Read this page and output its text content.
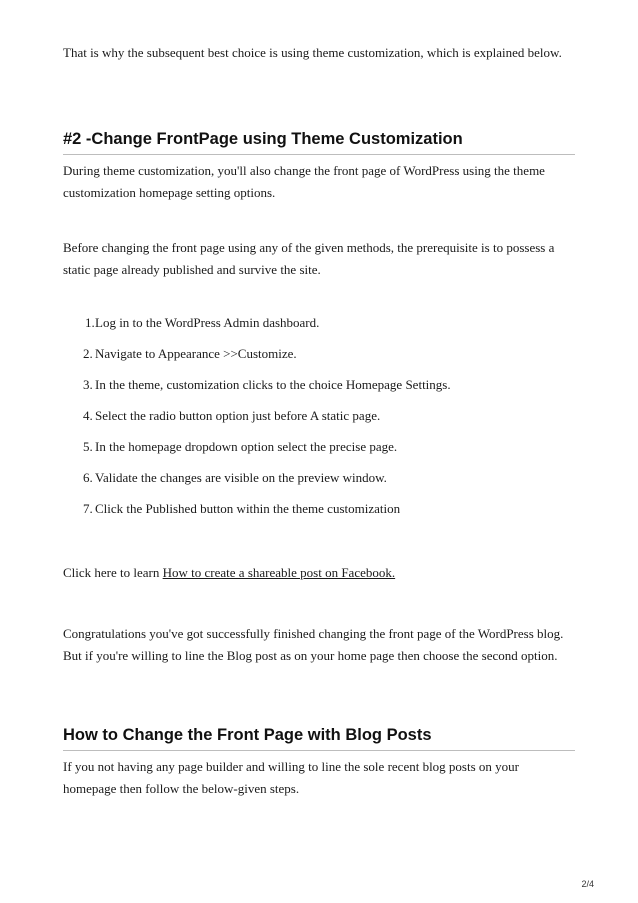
That is why the subsequent best choice is using theme customization, which is explained below.

#2 -Change FrontPage using Theme Customization

During theme customization, you'll also change the front page of WordPress using the theme customization homepage setting options.

Before changing the front page using any of the given methods, the prerequisite is to possess a static page already published and survive the site.

1. Log in to the WordPress Admin dashboard.
2. Navigate to Appearance >>Customize.
3. In the theme, customization clicks to the choice Homepage Settings.
4. Select the radio button option just before A static page.
5. In the homepage dropdown option select the precise page.
6. Validate the changes are visible on the preview window.
7. Click the Published button within the theme customization

Click here to learn How to create a shareable post on Facebook.

Congratulations you've got successfully finished changing the front page of the WordPress blog. But if you're willing to line the Blog post as on your home page then choose the second option.

How to Change the Front Page with Blog Posts

If you not having any page builder and willing to line the sole recent blog posts on your homepage then follow the below-given steps.

2/4
